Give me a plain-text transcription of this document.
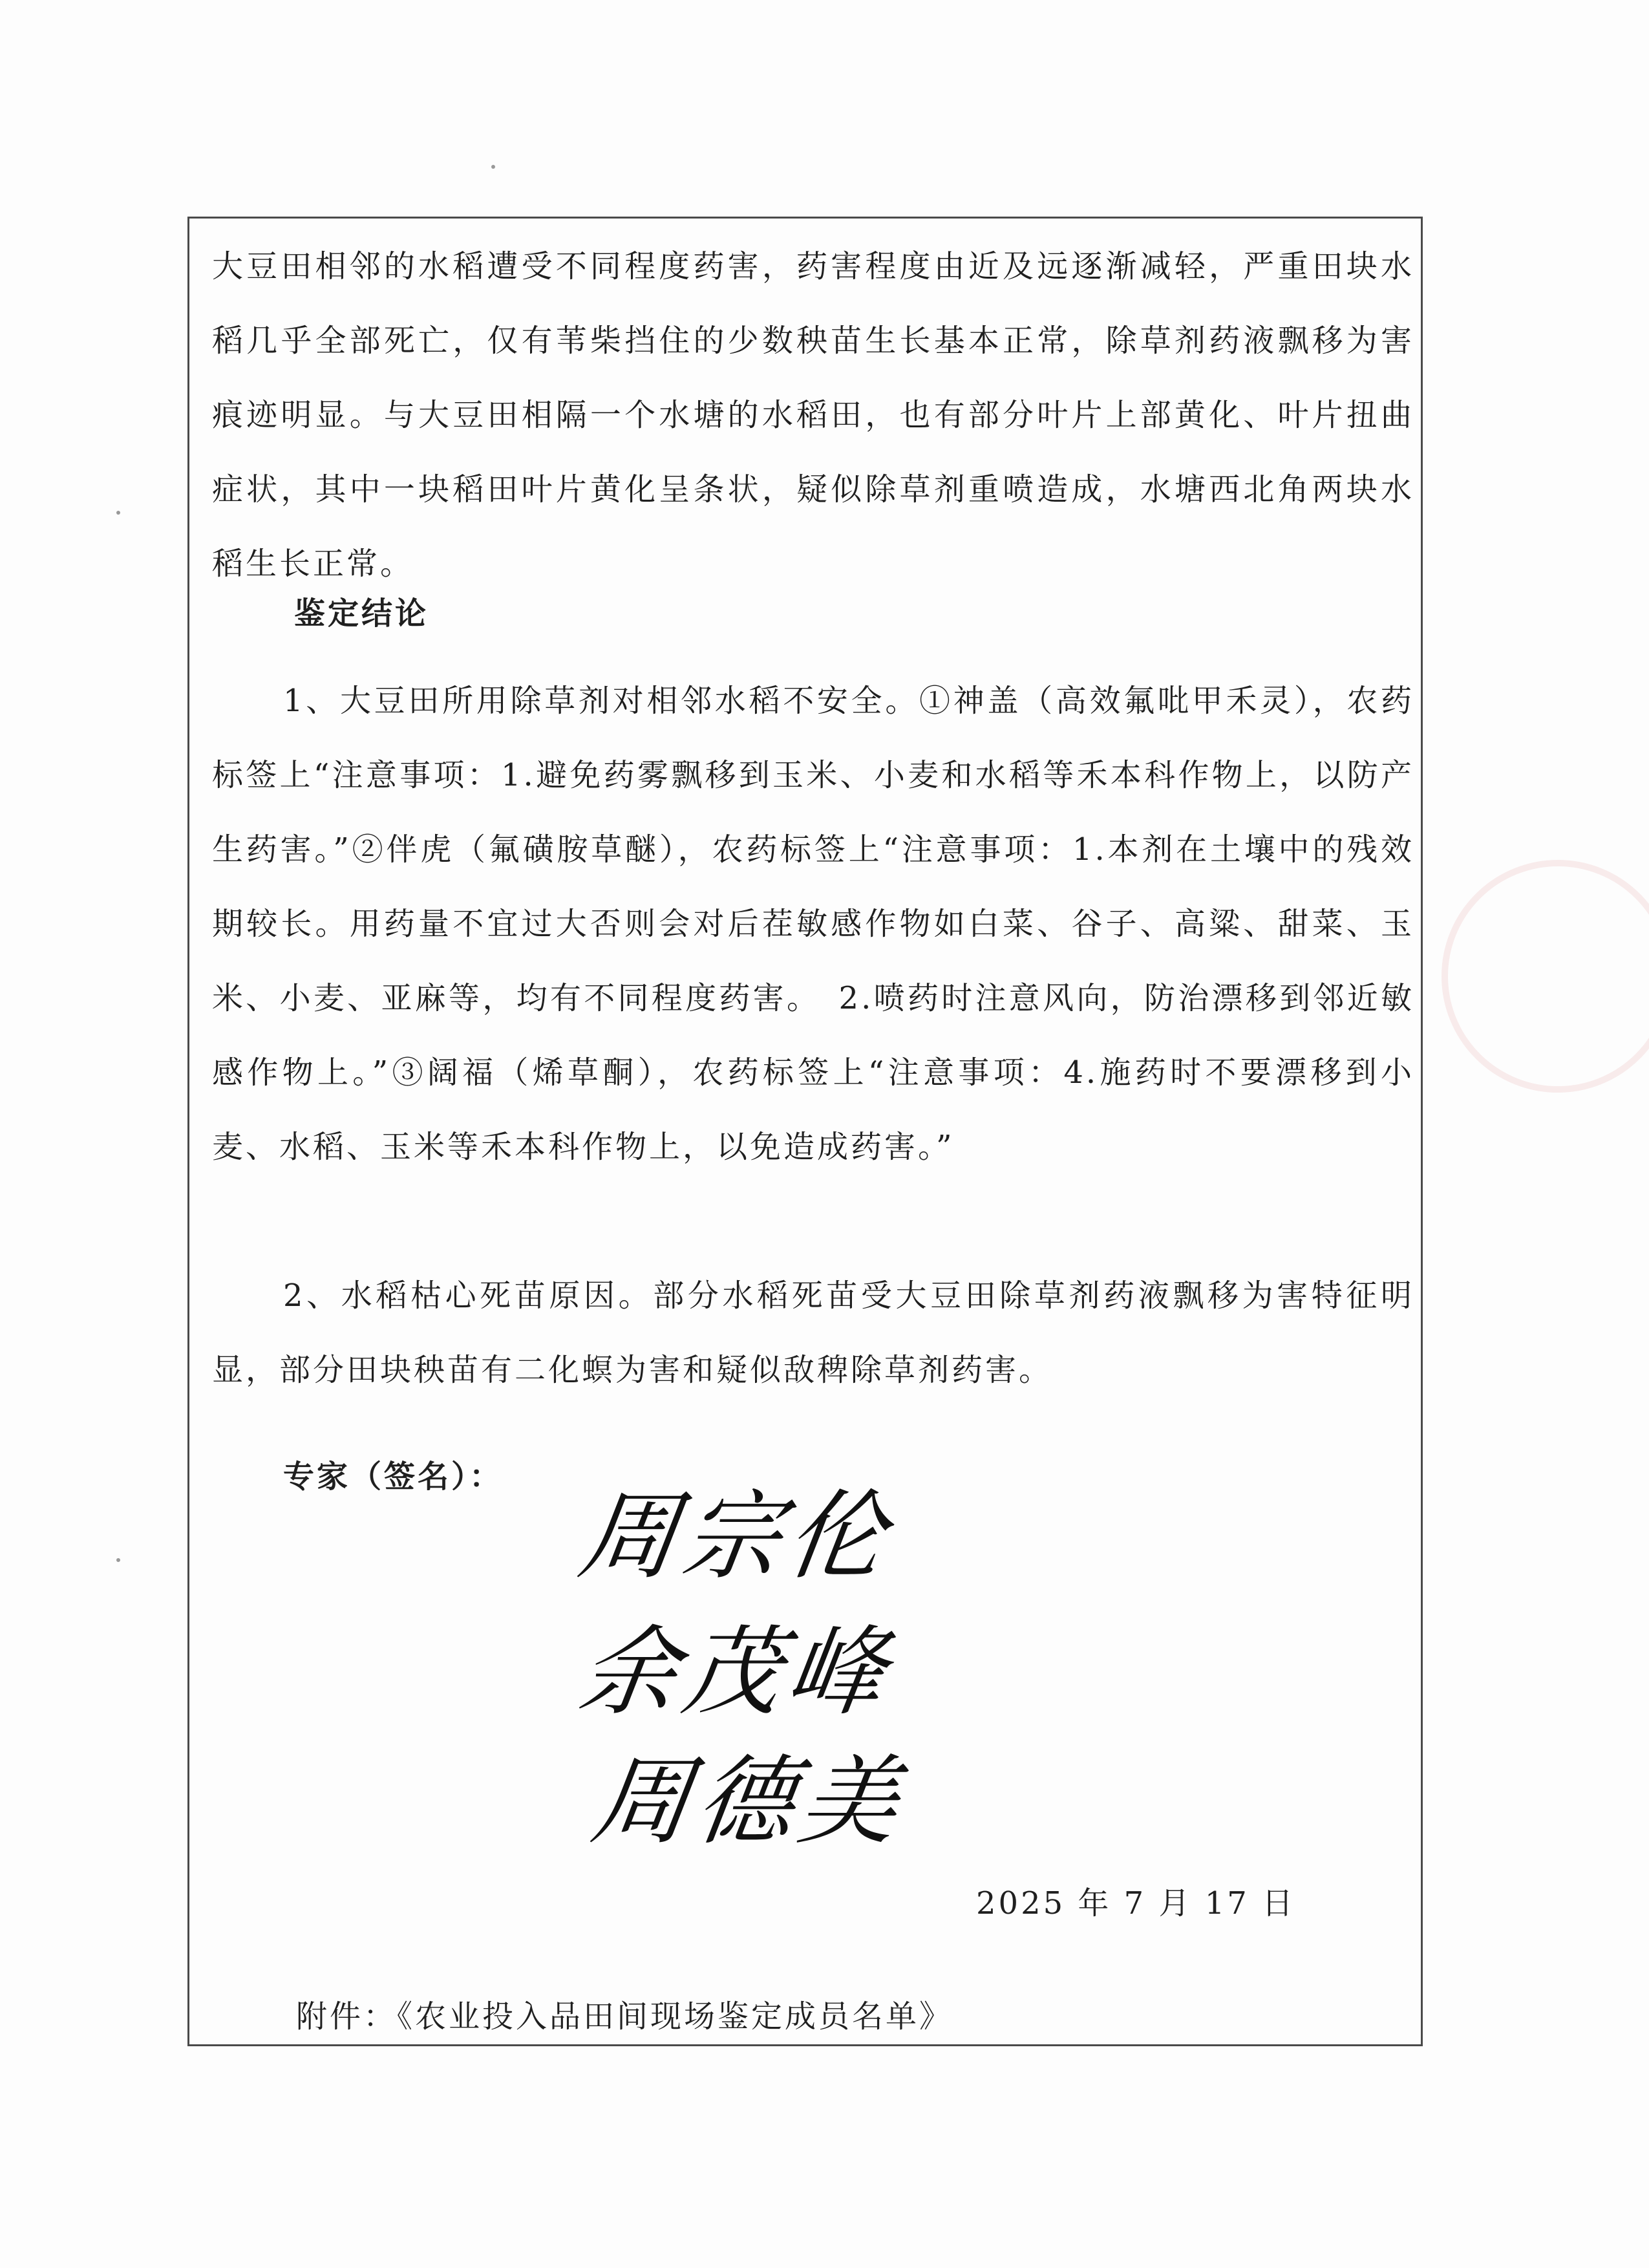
大豆田相邻的水稻遭受不同程度药害，药害程度由近及远逐渐减轻，严重田块水稻几乎全部死亡，仅有苇柴挡住的少数秧苗生长基本正常，除草剂药液飘移为害痕迹明显。与大豆田相隔一个水塘的水稻田，也有部分叶片上部黄化、叶片扭曲症状，其中一块稻田叶片黄化呈条状，疑似除草剂重喷造成，水塘西北角两块水稻生长正常。
鉴定结论
1、大豆田所用除草剂对相邻水稻不安全。①神盖（高效氟吡甲禾灵），农药标签上“注意事项：1.避免药雾飘移到玉米、小麦和水稻等禾本科作物上，以防产生药害。”②伴虎（氟磺胺草醚），农药标签上“注意事项：1.本剂在土壤中的残效期较长。用药量不宜过大否则会对后茬敏感作物如白菜、谷子、高粱、甜菜、玉米、小麦、亚麻等，均有不同程度药害。　2.喷药时注意风向，防治漂移到邻近敏感作物上。”③阔福（烯草酮），农药标签上“注意事项：4.施药时不要漂移到小麦、水稻、玉米等禾本科作物上，以免造成药害。”
2、水稻枯心死苗原因。部分水稻死苗受大豆田除草剂药液飘移为害特征明显，部分田块秧苗有二化螟为害和疑似敌稗除草剂药害。
专家（签名）：
周宗伦
余茂峰
周德美
2025 年 7 月 17 日
附件：《农业投入品田间现场鉴定成员名单》
